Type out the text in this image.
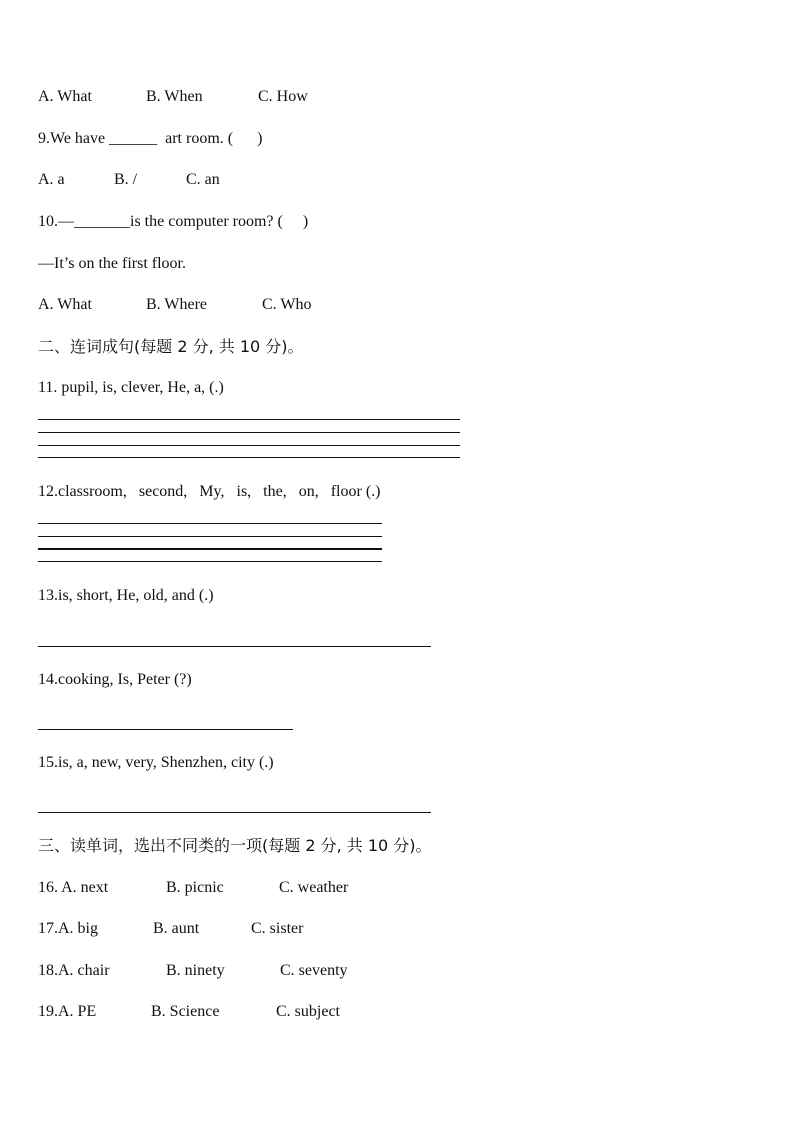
A. What	B. When	C. How
9.We have ______  art room. (      )
A. a	B. /	C. an
10.—_______is the computer room? (     )
—It’s on the first floor.
A. What	B. Where	C. Who
二、连词成句(每题 2 分, 共 10 分)。
11. pupil, is, clever, He, a, (.)
12.classroom,   second,   My,   is,   the,   on,   floor (.)
13.is, short, He, old, and (.)
14.cooking, Is, Peter (?)
15.is, a, new, very, Shenzhen, city (.)
三、读单词，选出不同类的一项(每题 2 分, 共 10 分)。
16. A. next	B. picnic	C. weather
17.A. big	B. aunt	C. sister
18.A. chair	B. ninety	C. seventy
19.A. PE	B. Science	C. subject
